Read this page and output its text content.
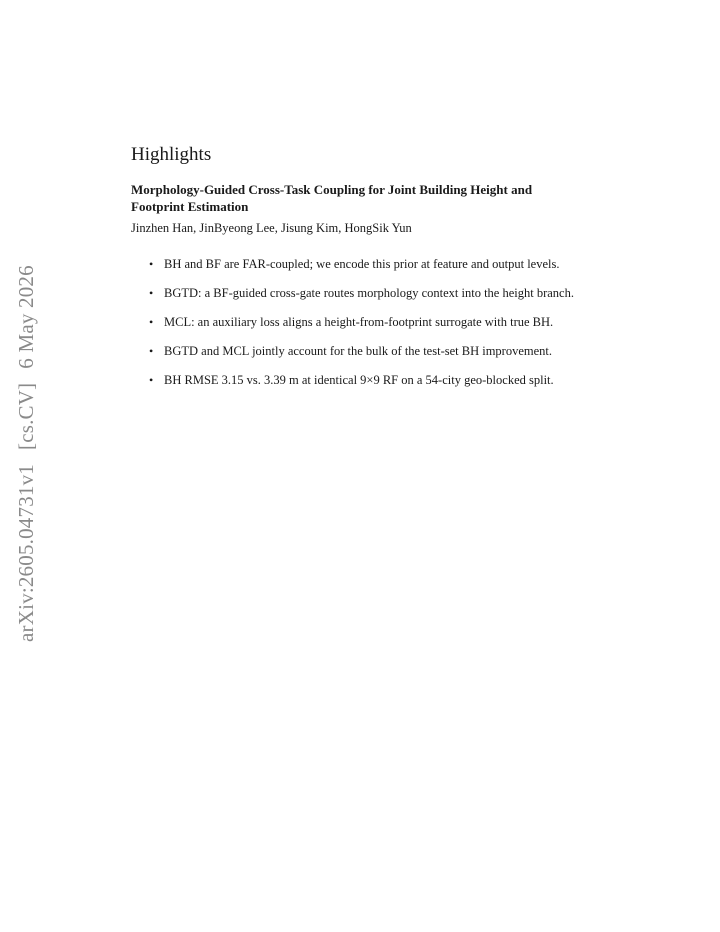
arXiv:2605.04731v1[cs.CV]6 May 2026
Highlights
Morphology-Guided Cross-Task Coupling for Joint Building Height and Footprint Estimation
Jinzhen Han, JinByeong Lee, Jisung Kim, HongSik Yun
• BH and BF are FAR-coupled; we encode this prior at feature and output levels.
• BGTD: a BF-guided cross-gate routes morphology context into the height branch.
• MCL: an auxiliary loss aligns a height-from-footprint surrogate with true BH.
• BGTD and MCL jointly account for the bulk of the test-set BH improvement.
• BH RMSE 3.15 vs. 3.39 m at identical 9×9 RF on a 54-city geo-blocked split.
